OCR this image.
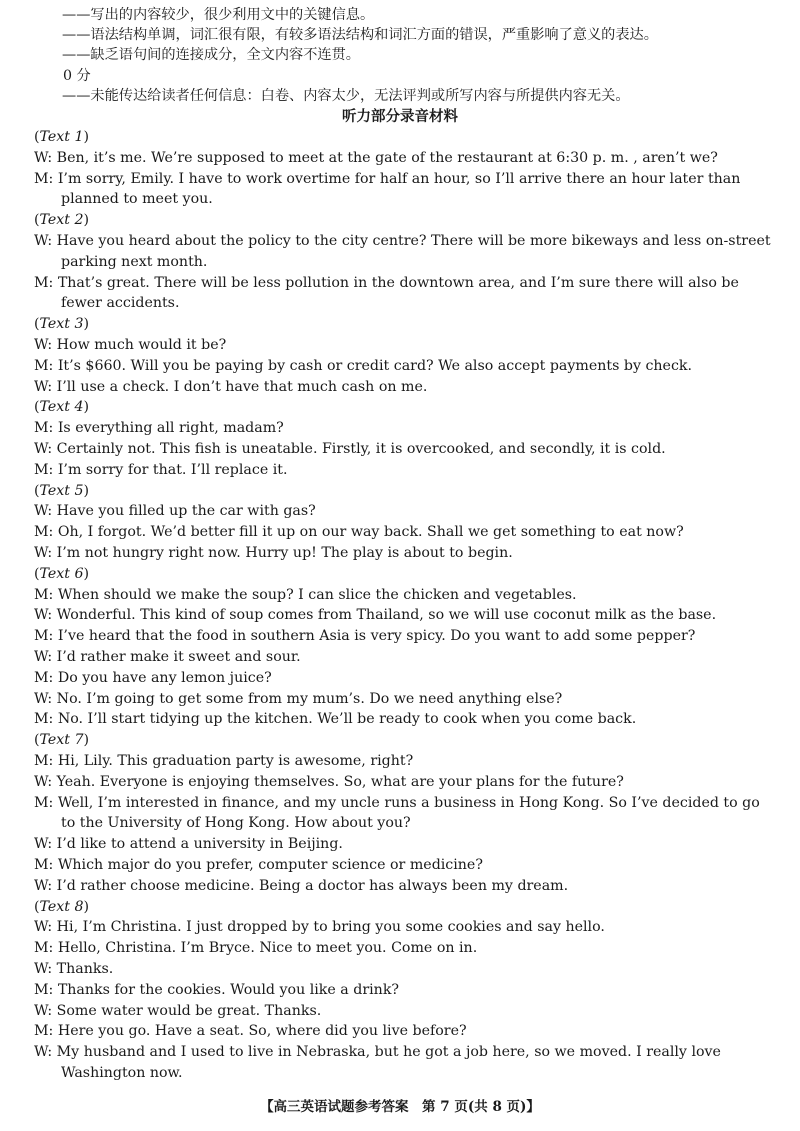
——写出的内容较少，很少利用文中的关键信息。
——语法结构单调，词汇很有限，有较多语法结构和词汇方面的错误，严重影响了意义的表达。
——缺乏语句间的连接成分，全文内容不连贯。
0 分
——未能传达给读者任何信息：白卷、内容太少，无法评判或所写内容与所提供内容无关。
听力部分录音材料
(Text 1)
W: Ben, it’s me. We’re supposed to meet at the gate of the restaurant at 6:30 p. m. , aren’t we?
M: I’m sorry, Emily. I have to work overtime for half an hour, so I’ll arrive there an hour later than
planned to meet you.
(Text 2)
W: Have you heard about the policy to the city centre? There will be more bikeways and less on-street
parking next month.
M: That’s great. There will be less pollution in the downtown area, and I’m sure there will also be
fewer accidents.
(Text 3)
W: How much would it be?
M: It’s $660. Will you be paying by cash or credit card? We also accept payments by check.
W: I’ll use a check. I don’t have that much cash on me.
(Text 4)
M: Is everything all right, madam?
W: Certainly not. This fish is uneatable. Firstly, it is overcooked, and secondly, it is cold.
M: I’m sorry for that. I’ll replace it.
(Text 5)
W: Have you filled up the car with gas?
M: Oh, I forgot. We’d better fill it up on our way back. Shall we get something to eat now?
W: I’m not hungry right now. Hurry up! The play is about to begin.
(Text 6)
M: When should we make the soup? I can slice the chicken and vegetables.
W: Wonderful. This kind of soup comes from Thailand, so we will use coconut milk as the base.
M: I’ve heard that the food in southern Asia is very spicy. Do you want to add some pepper?
W: I’d rather make it sweet and sour.
M: Do you have any lemon juice?
W: No. I’m going to get some from my mum’s. Do we need anything else?
M: No. I’ll start tidying up the kitchen. We’ll be ready to cook when you come back.
(Text 7)
M: Hi, Lily. This graduation party is awesome, right?
W: Yeah. Everyone is enjoying themselves. So, what are your plans for the future?
M: Well, I’m interested in finance, and my uncle runs a business in Hong Kong. So I’ve decided to go
to the University of Hong Kong. How about you?
W: I’d like to attend a university in Beijing.
M: Which major do you prefer, computer science or medicine?
W: I’d rather choose medicine. Being a doctor has always been my dream.
(Text 8)
W: Hi, I’m Christina. I just dropped by to bring you some cookies and say hello.
M: Hello, Christina. I’m Bryce. Nice to meet you. Come on in.
W: Thanks.
M: Thanks for the cookies. Would you like a drink?
W: Some water would be great. Thanks.
M: Here you go. Have a seat. So, where did you live before?
W: My husband and I used to live in Nebraska, but he got a job here, so we moved. I really love
Washington now.
【高三英语试题参考答案　第 7 页(共 8 页)】
